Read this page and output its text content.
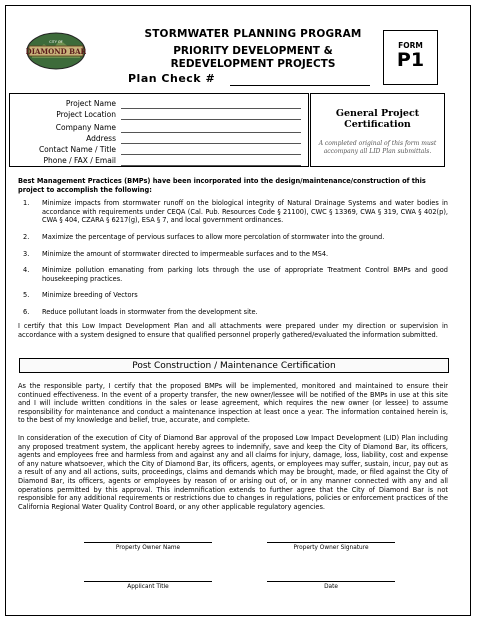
DIAMOND BAR
CITY OF
STORMWATER PLANNING PROGRAM
PRIORITY DEVELOPMENT &
REDEVELOPMENT PROJECTS
Plan Check #
FORM
P1
Project Name
Project Location
Company Name
Address
Contact Name / Title
Phone / FAX / Email
General Project
Certification
A completed original of this form must
accompany all LID Plan submittals.
Best Management Practices (BMPs) have been incorporated into the design/maintenance/construction of this project to accomplish the following:
1. Minimize impacts from stormwater runoff on the biological integrity of Natural Drainage Systems and water bodies in accordance with requirements under CEQA (Cal. Pub. Resources Code § 21100), CWC § 13369, CWA § 319, CWA § 402(p), CWA § 404, CZARA § 6217(g), ESA § 7, and local government ordinances.
2. Maximize the percentage of pervious surfaces to allow more percolation of stormwater into the ground.
3. Minimize the amount of stormwater directed to impermeable surfaces and to the MS4.
4. Minimize pollution emanating from parking lots through the use of appropriate Treatment Control BMPs and good housekeeping practices.
5. Minimize breeding of Vectors
6. Reduce pollutant loads in stormwater from the development site.
I certify that this Low Impact Development Plan and all attachments were prepared under my direction or supervision in accordance with a system designed to ensure that qualified personnel properly gathered/evaluated the information submitted.
Post Construction / Maintenance Certification
As the responsible party, I certify that the proposed BMPs will be implemented, monitored and maintained to ensure their continued effectiveness. In the event of a property transfer, the new owner/lessee will be notified of the BMPs in use at this site and I will include written conditions in the sales or lease agreement, which requires the new owner (or lessee) to assume responsibility for maintenance and conduct a maintenance inspection at least once a year. The information contained herein is, to the best of my knowledge and belief, true, accurate, and complete.
In consideration of the execution of City of Diamond Bar approval of the proposed Low Impact Development (LID) Plan including any proposed treatment system, the applicant hereby agrees to indemnify, save and keep the City of Diamond Bar, its officers, agents and employees free and harmless from and against any and all claims for injury, damage, loss, liability, cost and expense of any nature whatsoever, which the City of Diamond Bar, its officers, agents, or employees may suffer, sustain, incur, pay out as a result of any and all actions, suits, proceedings, claims and demands which may be brought, made, or filed against the City of Diamond Bar, its officers, agents or employees by reason of or arising out of, or in any manner connected with any and all operations permitted by this approval. This indemnification extends to further agree that the City of Diamond Bar is not responsible for any additional requirements or restrictions due to changes in regulations, policies or enforcement practices of the California Regional Water Quality Control Board, or any other applicable regulatory agencies.
Property Owner Name	Property Owner Signature
Applicant Title	Date
